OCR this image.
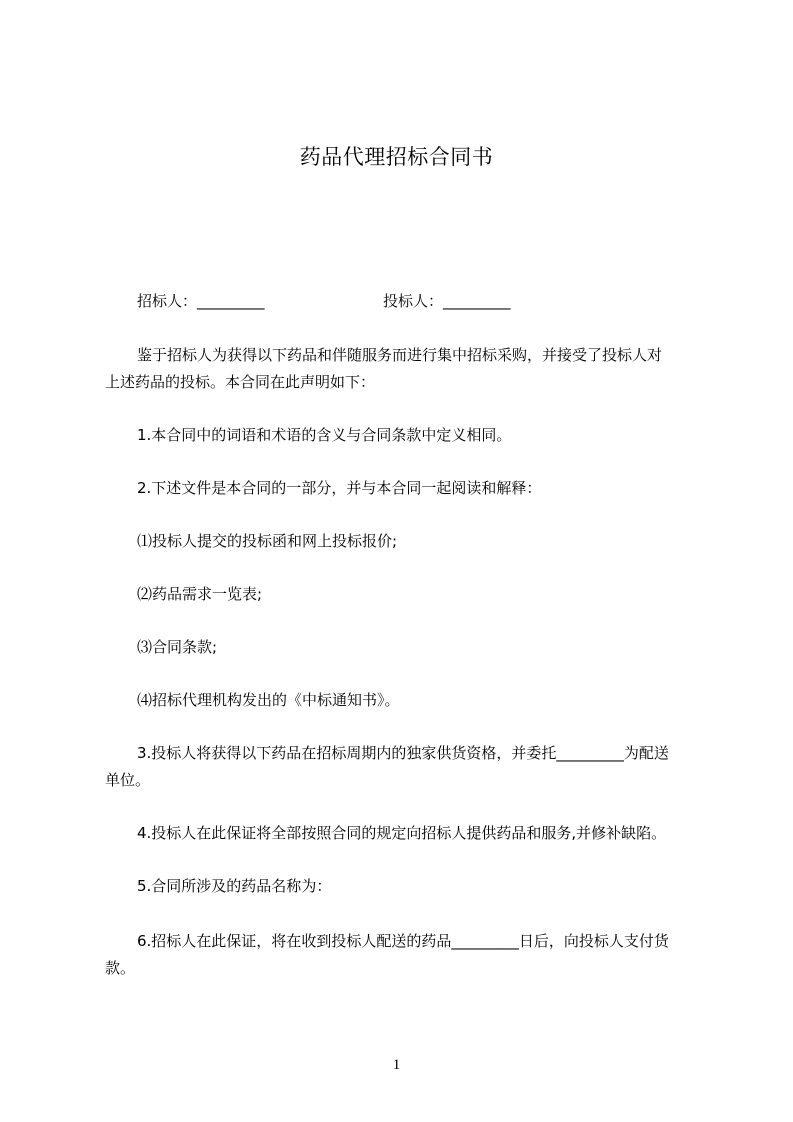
药品代理招标合同书
招标人：_________	投标人：_________

鉴于招标人为获得以下药品和伴随服务而进行集中招标采购，并接受了投标人对

上述药品的投标。本合同在此声明如下：

1.本合同中的词语和术语的含义与合同条款中定义相同。

2.下述文件是本合同的一部分，并与本合同一起阅读和解释：

⑴投标人提交的投标函和网上投标报价;

⑵药品需求一览表;

⑶合同条款;

⑷招标代理机构发出的《中标通知书》。

3.投标人将获得以下药品在招标周期内的独家供货资格，并委托_________为配送

单位。

4.投标人在此保证将全部按照合同的规定向招标人提供药品和服务,并修补缺陷。

5.合同所涉及的药品名称为：

6.招标人在此保证，将在收到投标人配送的药品_________日后，向投标人支付货

款。

1
